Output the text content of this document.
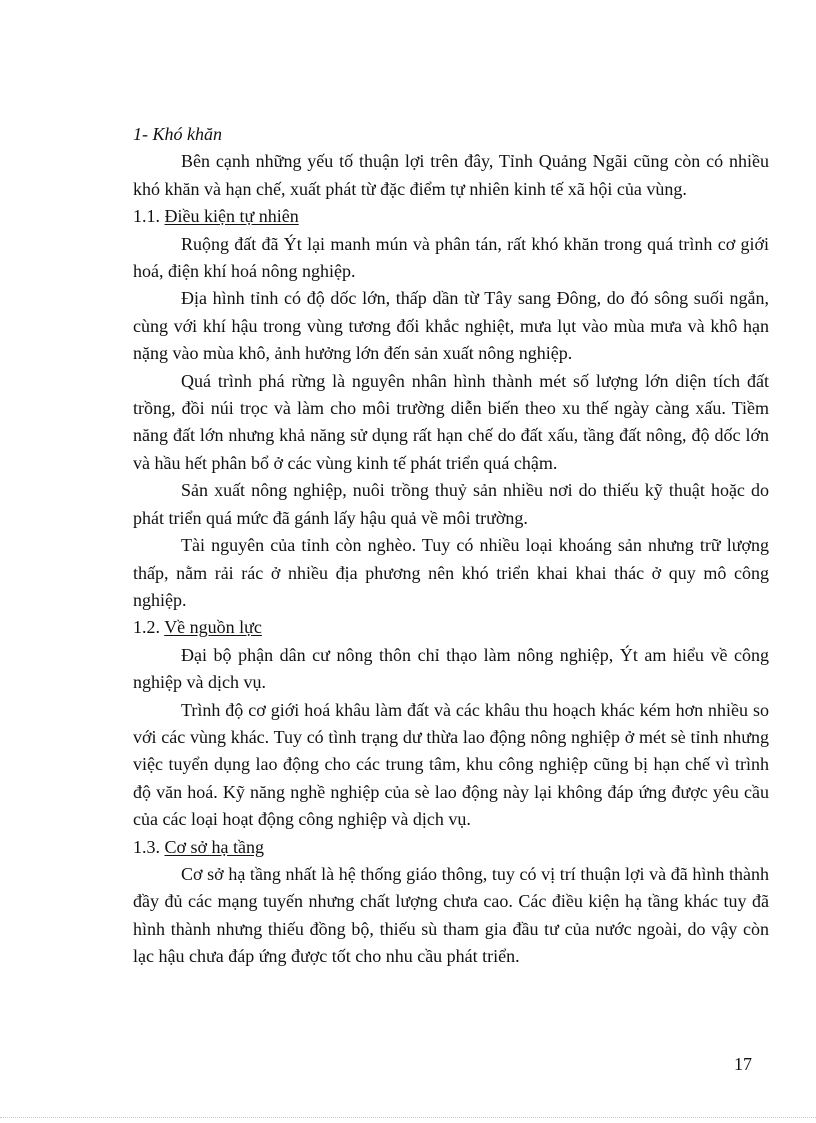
1- Khó khăn

Bên cạnh những yếu tố thuận lợi trên đây, Tỉnh Quảng Ngãi cũng còn có nhiều khó khăn và hạn chế, xuất phát từ đặc điểm tự nhiên kinh tế xã hội của vùng.

1.1. Điều kiện tự nhiên

Ruộng đất đã Ýt lại manh mún và phân tán, rất khó khăn trong quá trình cơ giới hoá, điện khí hoá nông nghiệp.

Địa hình tỉnh có độ dốc lớn, thấp dần từ Tây sang Đông, do đó sông suối ngắn, cùng với khí hậu trong vùng tương đối khắc nghiệt, mưa lụt vào mùa mưa và khô hạn nặng vào mùa khô, ảnh hưởng lớn đến sản xuất nông nghiệp.

Quá trình phá rừng là nguyên nhân hình thành mét số lượng lớn diện tích đất trồng, đồi núi trọc và làm cho môi trường diễn biến theo xu thế ngày càng xấu. Tiềm năng đất lớn nhưng khả năng sử dụng rất hạn chế do đất xấu, tầng đất nông, độ dốc lớn và hầu hết phân bổ ở các vùng kinh tế phát triển quá chậm.

Sản xuất nông nghiệp, nuôi trồng thuỷ sản nhiều nơi do thiếu kỹ thuật hoặc do phát triển quá mức đã gánh lấy hậu quả về môi trường.

Tài nguyên của tỉnh còn nghèo. Tuy có nhiều loại khoáng sản nhưng trữ lượng thấp, nằm rải rác ở nhiều địa phương nên khó triển khai khai thác ở quy mô công nghiệp.

1.2. Về nguồn lực

Đại bộ phận dân cư nông thôn chỉ thạo làm nông nghiệp, Ýt am hiểu về công nghiệp và dịch vụ.

Trình độ cơ giới hoá khâu làm đất và các khâu thu hoạch khác kém hơn nhiều so với các vùng khác. Tuy có tình trạng dư thừa lao động nông nghiệp ở mét sè tỉnh nhưng việc tuyển dụng lao động cho các trung tâm, khu công nghiệp cũng bị hạn chế vì trình độ văn hoá. Kỹ năng nghề nghiệp của sè lao động này lại không đáp ứng được yêu cầu của các loại hoạt động công nghiệp và dịch vụ.

1.3. Cơ sở hạ tầng

Cơ sở hạ tầng nhất là hệ thống giáo thông, tuy có vị trí thuận lợi và đã hình thành đầy đủ các mạng tuyến nhưng chất lượng chưa cao. Các điều kiện hạ tầng khác tuy đã hình thành nhưng thiếu đồng bộ, thiếu sù tham gia đầu tư của nước ngoài, do vậy còn lạc hậu chưa đáp ứng được tốt cho nhu cầu phát triển.

17
